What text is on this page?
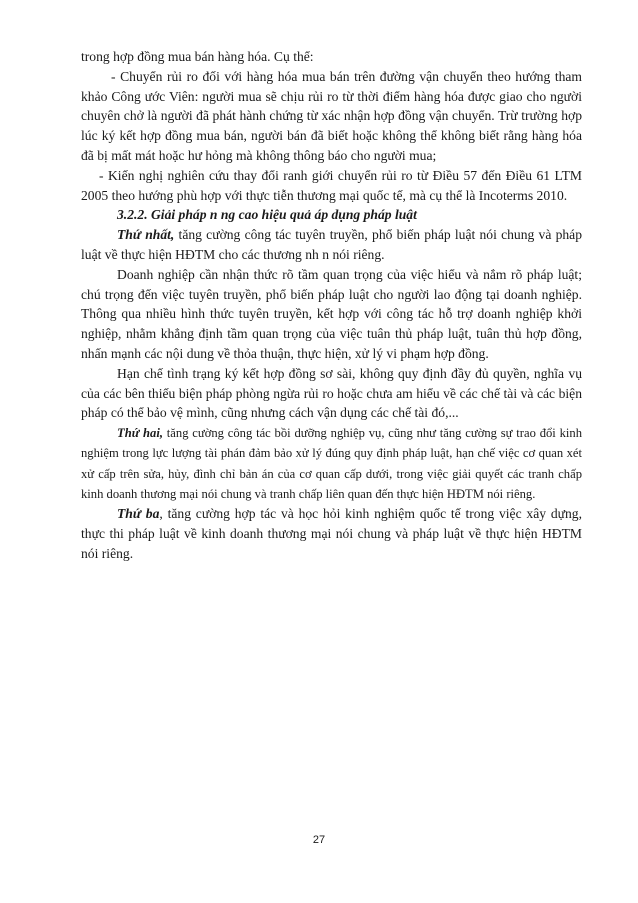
trong hợp đồng mua bán hàng hóa. Cụ thể:

- Chuyển rủi ro đối với hàng hóa mua bán trên đường vận chuyển theo hướng tham khảo Công ước Viên: người mua sẽ chịu rủi ro từ thời điểm hàng hóa được giao cho người chuyên chở là người đã phát hành chứng từ xác nhận hợp đồng vận chuyển. Trừ trường hợp lúc ký kết hợp đồng mua bán, người bán đã biết hoặc không thể không biết rằng hàng hóa đã bị mất mát hoặc hư hỏng mà không thông báo cho người mua;

- Kiến nghị nghiên cứu thay đổi ranh giới chuyển rủi ro từ Điều 57 đến Điều 61 LTM 2005 theo hướng phù hợp với thực tiễn thương mại quốc tế, mà cụ thể là Incoterms 2010.

3.2.2. Giải pháp n ng cao hiệu quả áp dụng pháp luật

Thứ nhất, tăng cường công tác tuyên truyền, phổ biến pháp luật nói chung và pháp luật về thực hiện HĐTM cho các thương nh n nói riêng.

Doanh nghiệp cần nhận thức rõ tầm quan trọng của việc hiểu và nắm rõ pháp luật; chú trọng đến việc tuyên truyền, phổ biến pháp luật cho người lao động tại doanh nghiệp. Thông qua nhiều hình thức tuyên truyền, kết hợp với công tác hỗ trợ doanh nghiệp khởi nghiệp, nhằm khẳng định tầm quan trọng của việc tuân thủ pháp luật, tuân thủ hợp đồng, nhấn mạnh các nội dung về thỏa thuận, thực hiện, xử lý vi phạm hợp đồng.

Hạn chế tình trạng ký kết hợp đồng sơ sài, không quy định đầy đủ quyền, nghĩa vụ của các bên thiếu biện pháp phòng ngừa rủi ro hoặc chưa am hiểu về các chế tài và các biện pháp có thể bảo vệ mình, cũng nhưng cách vận dụng các chế tài đó,...

Thứ hai, tăng cường công tác bồi dưỡng nghiệp vụ, cũng như tăng cường sự trao đổi kinh nghiệm trong lực lượng tài phán đảm bảo xử lý đúng quy định pháp luật, hạn chế việc cơ quan xét xử cấp trên sửa, hủy, đình chỉ bản án của cơ quan cấp dưới, trong việc giải quyết các tranh chấp kinh doanh thương mại nói chung và tranh chấp liên quan đến thực hiện HĐTM nói riêng.

Thứ ba, tăng cường hợp tác và học hỏi kinh nghiệm quốc tế trong việc xây dựng, thực thi pháp luật về kinh doanh thương mại nói chung và pháp luật về thực hiện HĐTM nói riêng.

27
